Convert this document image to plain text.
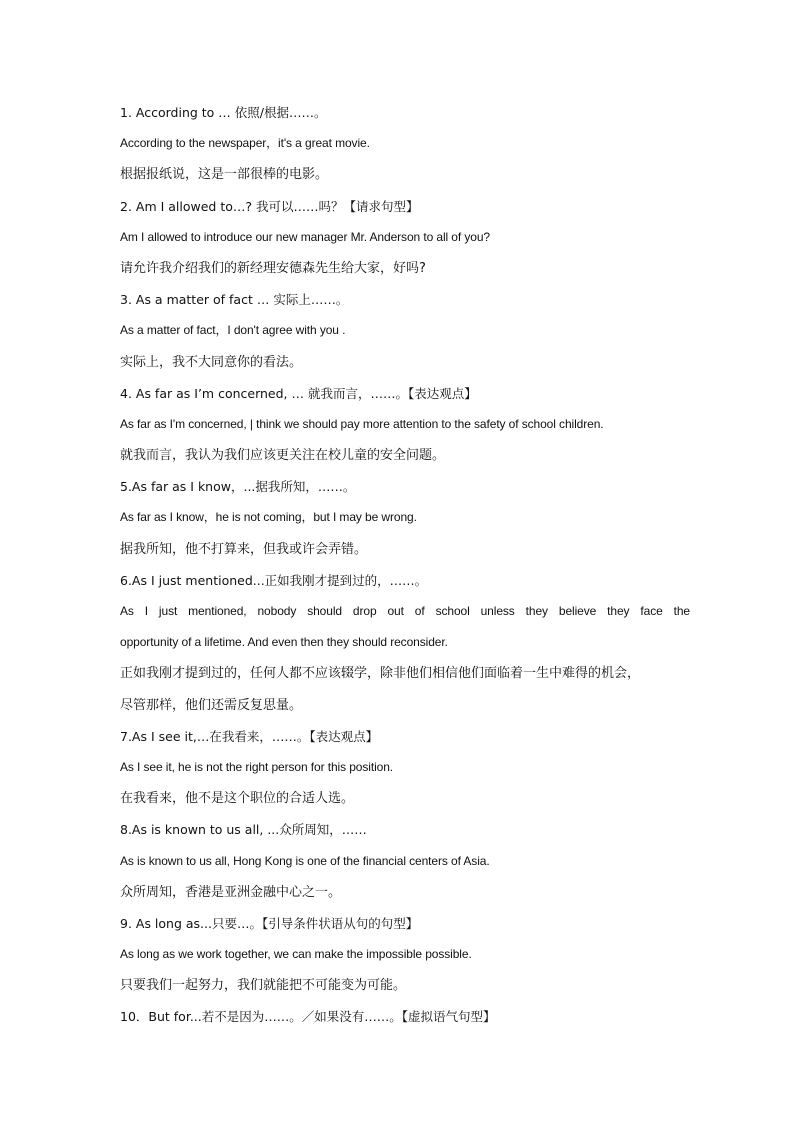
1. According to … 依照/根据……。
According to the newspaper，it's a great movie.
根据报纸说，这是一部很棒的电影。
2. Am I allowed to…? 我可以……吗？【请求句型】
Am I allowed to introduce our new manager Mr. Anderson to all of you?
请允许我介绍我们的新经理安德森先生给大家，好吗?
3. As a matter of fact … 实际上……。
As a matter of fact，I don't agree with you .
实际上，我不大同意你的看法。
4. As far as I’m concerned, … 就我而言，……。【表达观点】
As far as I'm concerned, | think we should pay more attention to the safety of school children.
就我而言，我认为我们应该更关注在校儿童的安全问题。
5.As far as I know，...据我所知，……。
As far as I know，he is not coming，but I may be wrong.
据我所知，他不打算来，但我或许会弄错。
6.As I just mentioned...正如我刚才提到过的，……。
As I just mentioned, nobody should drop out of school unless they believe they face the
opportunity of a lifetime. And even then they should reconsider.
正如我刚才提到过的，任何人都不应该辍学，除非他们相信他们面临着一生中难得的机会，
尽管那样，他们还需反复思量。
7.As I see it,…在我看来，……。【表达观点】
As I see it, he is not the right person for this position.
在我看来，他不是这个职位的合适人选。
8.As is known to us all, ...众所周知，……
As is known to us all, Hong Kong is one of the financial centers of Asia.
众所周知，香港是亚洲金融中心之一。
9. As long as...只要…。【引导条件状语从句的句型】
As long as we work together, we can make the impossible possible.
只要我们一起努力，我们就能把不可能变为可能。
10．But for...若不是因为……。／如果没有……。【虚拟语气句型】
